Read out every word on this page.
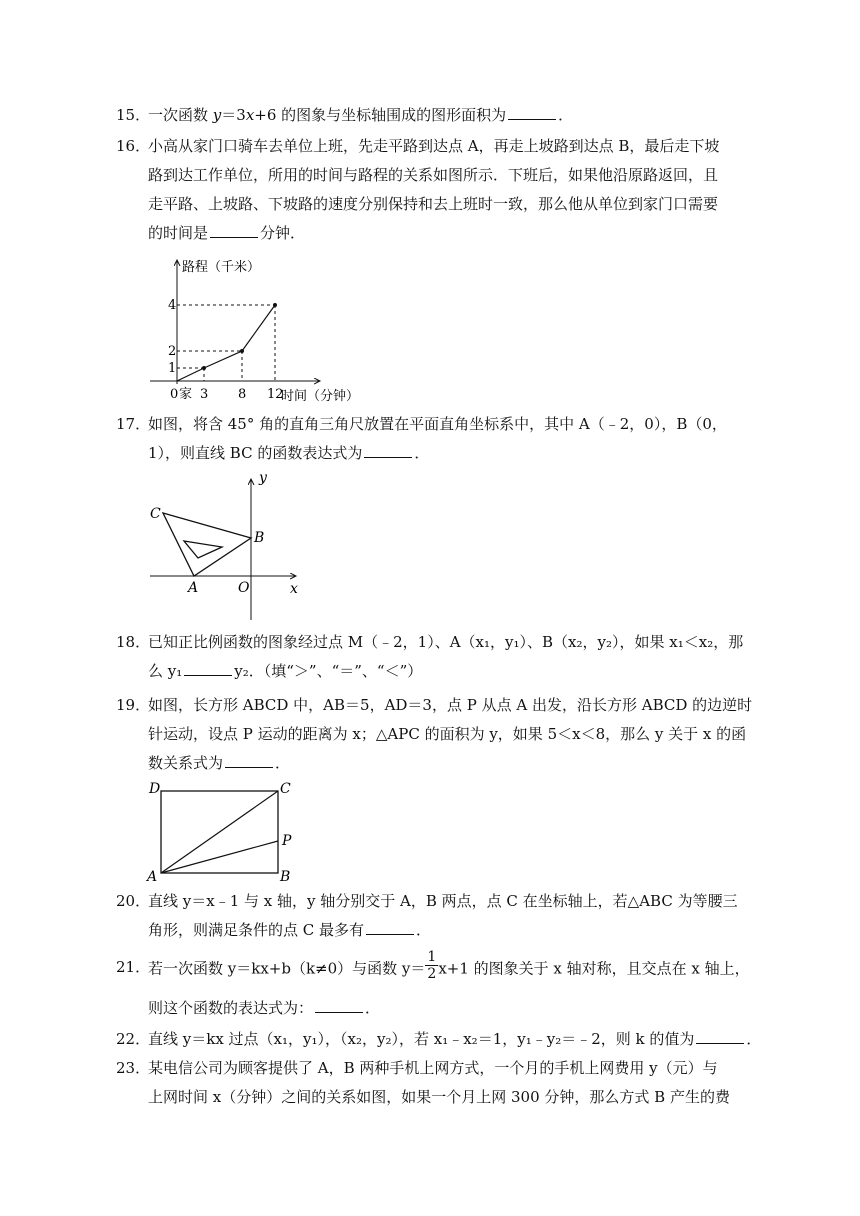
15．
一次函数 y＝3x+6 的图象与坐标轴围成的图形面积为	．
16．
小高从家门口骑车去单位上班，先走平路到达点 A，再走上坡路到达点 B，最后走下坡
路到达工作单位，所用的时间与路程的关系如图所示．下班后，如果他沿原路返回，且
走平路、上坡路、下坡路的速度分别保持和去上班时一致，那么他从单位到家门口需要
的时间是	分钟．
路程（千米）
时间（分钟）
1
2
4
0 家 3 8 12
17．
如图，将含 45° 角的直角三角尺放置在平面直角坐标系中，其中 A（﹣2，0），B（0，
1），则直线 BC 的函数表达式为	．
y
x
C
B
A	O
18．
已知正比例函数的图象经过点 M（﹣2，1）、A（x₁，y₁）、B（x₂，y₂），如果 x₁＜x₂，那
么 y₁	y₂．（填“＞”、“＝”、“＜”）
19．
如图，长方形 ABCD 中，AB＝5，AD＝3，点 P 从点 A 出发，沿长方形 ABCD 的边逆时
针运动，设点 P 运动的距离为 x；△APC 的面积为 y，如果 5＜x＜8，那么 y 关于 x 的函
数关系式为	．
D	C
P
A	B
20．
直线 y＝x﹣1 与 x 轴，y 轴分别交于 A，B 两点，点 C 在坐标轴上，若△ABC 为等腰三
角形，则满足条件的点 C 最多有	．
21．
若一次函数 y＝kx+b（k≠0）与函数 $y= \frac{1}{2} x+1$ 的图象关于 x 轴对称，且交点在 x 轴上，
则这个函数的表达式为：	．
22．
直线 y＝kx 过点（x₁，y₁），（x₂，y₂），若 x₁﹣x₂＝1，y₁﹣y₂＝﹣2，则 k 的值为	．
23．
某电信公司为顾客提供了 A，B 两种手机上网方式，一个月的手机上网费用 y（元）与
上网时间 x（分钟）之间的关系如图，如果一个月上网 300 分钟，那么方式 B 产生的费
